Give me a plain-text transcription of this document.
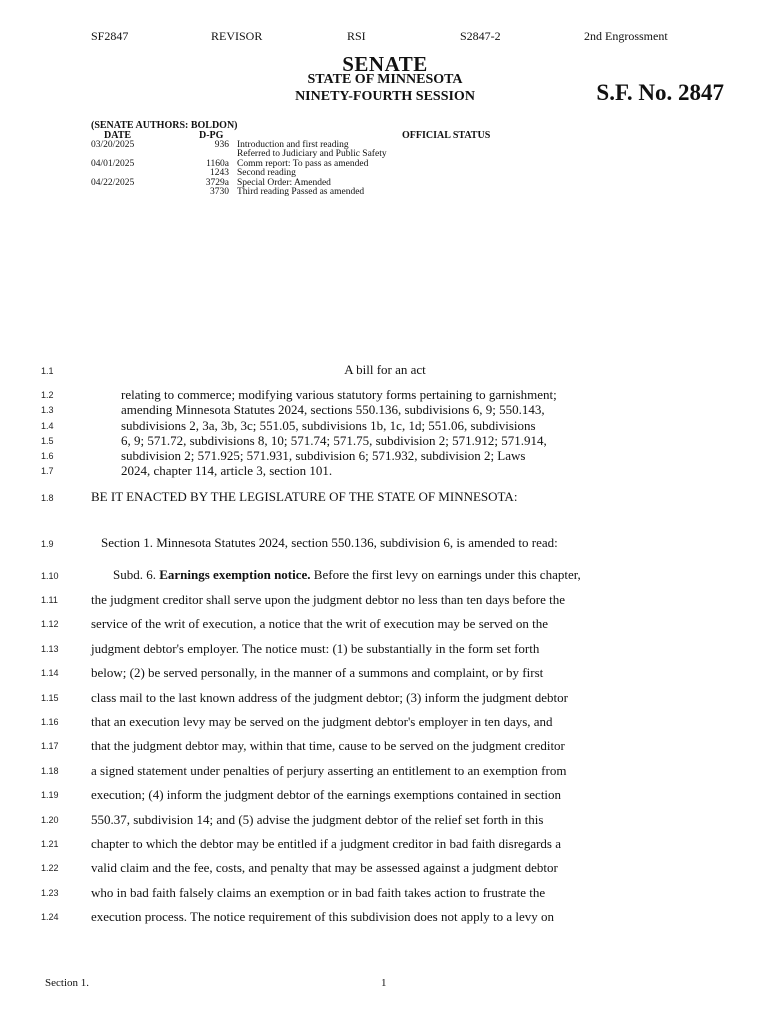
SF2847	REVISOR	RSI	S2847-2	2nd Engrossment
SENATE
STATE OF MINNESOTA
NINETY-FOURTH SESSION	S.F. No. 2847
(SENATE AUTHORS: BOLDON)
DATE	D-PG	OFFICIAL STATUS
03/20/2025	936 Introduction and first reading
Referred to Judiciary and Public Safety
04/01/2025	1160a Comm report: To pass as amended
1243 Second reading
04/22/2025	3729a Special Order: Amended
3730 Third reading Passed as amended
1.1	A bill for an act
1.2	relating to commerce; modifying various statutory forms pertaining to garnishment;
1.3	amending Minnesota Statutes 2024, sections 550.136, subdivisions 6, 9; 550.143,
1.4	subdivisions 2, 3a, 3b, 3c; 551.05, subdivisions 1b, 1c, 1d; 551.06, subdivisions
1.5	6, 9; 571.72, subdivisions 8, 10; 571.74; 571.75, subdivision 2; 571.912; 571.914,
1.6	subdivision 2; 571.925; 571.931, subdivision 6; 571.932, subdivision 2; Laws
1.7	2024, chapter 114, article 3, section 101.
1.8	BE IT ENACTED BY THE LEGISLATURE OF THE STATE OF MINNESOTA:
1.9	Section 1. Minnesota Statutes 2024, section 550.136, subdivision 6, is amended to read:
1.10	Subd. 6. Earnings exemption notice. Before the first levy on earnings under this chapter,
1.11	the judgment creditor shall serve upon the judgment debtor no less than ten days before the
1.12 service of the writ of execution, a notice that the writ of execution may be served on the
1.13 judgment debtor's employer. The notice must: (1) be substantially in the form set forth
1.14 below; (2) be served personally, in the manner of a summons and complaint, or by first
1.15 class mail to the last known address of the judgment debtor; (3) inform the judgment debtor
1.16 that an execution levy may be served on the judgment debtor's employer in ten days, and
1.17 that the judgment debtor may, within that time, cause to be served on the judgment creditor
1.18 a signed statement under penalties of perjury asserting an entitlement to an exemption from
1.19 execution; (4) inform the judgment debtor of the earnings exemptions contained in section
1.20 550.37, subdivision 14; and (5) advise the judgment debtor of the relief set forth in this
1.21 chapter to which the debtor may be entitled if a judgment creditor in bad faith disregards a
1.22 valid claim and the fee, costs, and penalty that may be assessed against a judgment debtor
1.23 who in bad faith falsely claims an exemption or in bad faith takes action to frustrate the
1.24 execution process. The notice requirement of this subdivision does not apply to a levy on
Section 1.	1
